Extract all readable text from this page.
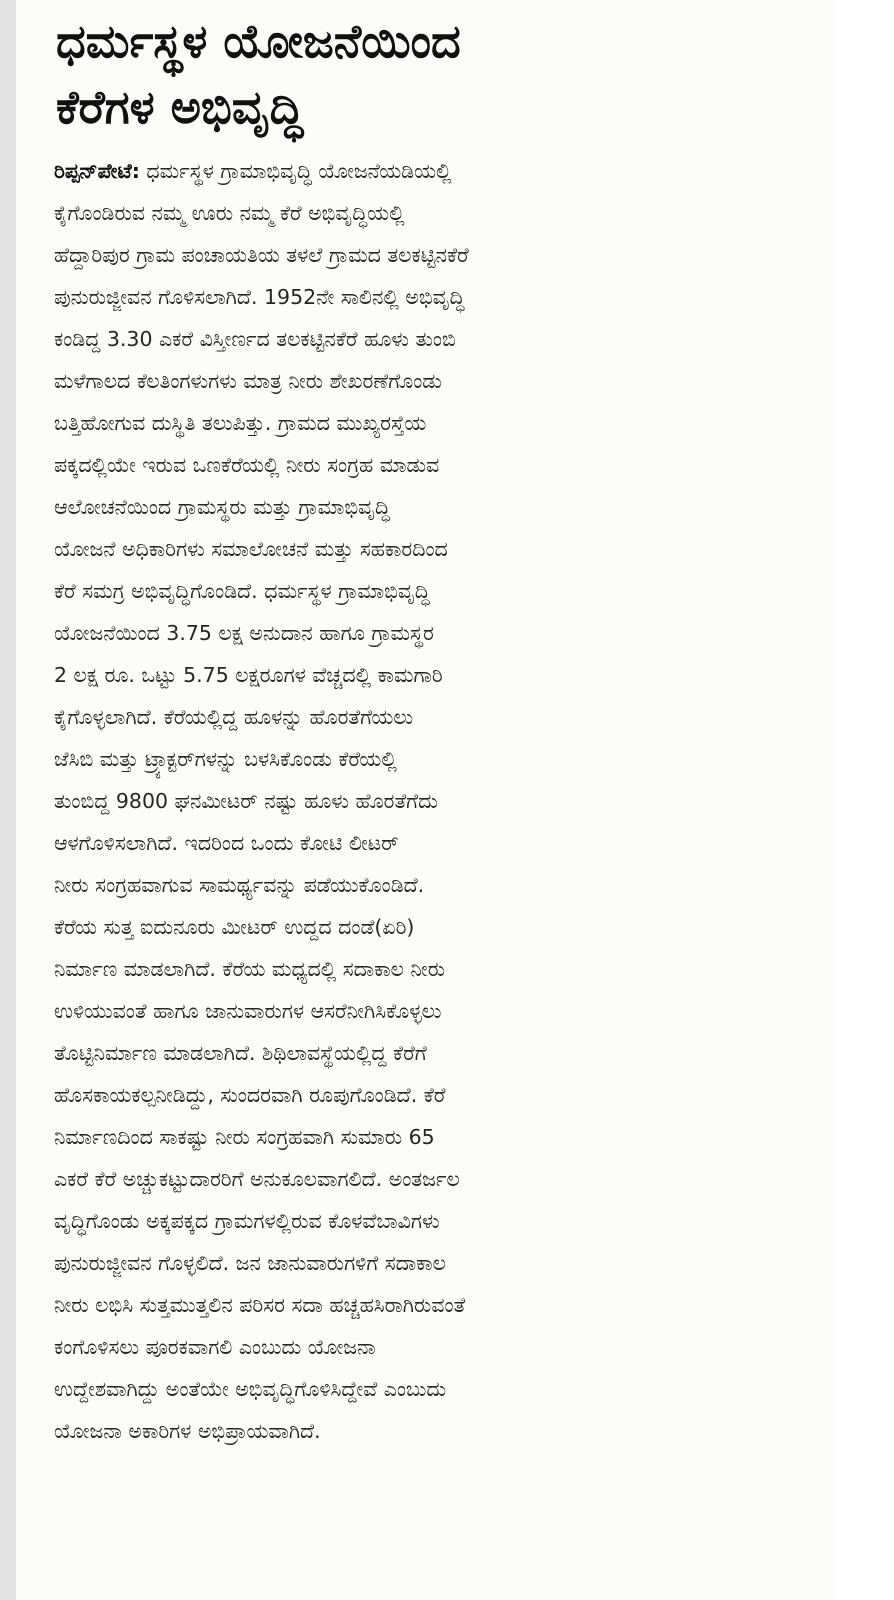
ಧರ್ಮಸ್ಥಳ ಯೋಜನೆಯಿಂದ
ಕೆರೆಗಳ ಅಭಿವೃದ್ಧಿ
ರಿಪ್ಪನ್‌ಪೇಟೆ: ಧರ್ಮಸ್ಥಳ ಗ್ರಾಮಾಭಿವೃದ್ಧಿ ಯೋಜನೆಯಡಿಯಲ್ಲಿ
ಕೈಗೊಂಡಿರುವ ನಮ್ಮ ಊರು ನಮ್ಮ ಕೆರೆ ಅಭಿವೃದ್ಧಿಯಲ್ಲಿ
ಹೆದ್ದಾರಿಪುರ ಗ್ರಾಮ ಪಂಚಾಯತಿಯ ತಳಲೆ ಗ್ರಾಮದ ತಲಕಟ್ಟಿನಕೆರೆ
ಪುನುರುಜ್ಜೀವನ ಗೊಳಿಸಲಾಗಿದೆ. 1952ನೇ ಸಾಲಿನಲ್ಲಿ ಅಭಿವೃದ್ಧಿ
ಕಂಡಿದ್ದ 3.30 ಎಕರೆ ವಿಸ್ತೀರ್ಣದ ತಲಕಟ್ಟಿನಕೆರೆ ಹೂಳು ತುಂಬಿ
ಮಳೆಗಾಲದ ಕೆಲತಿಂಗಳುಗಳು ಮಾತ್ರ ನೀರು ಶೇಖರಣೆಗೊಂಡು
ಬತ್ತಿಹೋಗುವ ದುಸ್ಥಿತಿ ತಲುಪಿತ್ತು. ಗ್ರಾಮದ ಮುಖ್ಯರಸ್ತೆಯ
ಪಕ್ಕದಲ್ಲಿಯೇ ಇರುವ ಒಣಕೆರೆಯಲ್ಲಿ ನೀರು ಸಂಗ್ರಹ ಮಾಡುವ
ಆಲೋಚನೆಯಿಂದ ಗ್ರಾಮಸ್ಥರು ಮತ್ತು ಗ್ರಾಮಾಭಿವೃದ್ಧಿ
ಯೋಜನೆ ಅಧಿಕಾರಿಗಳು ಸಮಾಲೋಚನೆ ಮತ್ತು ಸಹಕಾರದಿಂದ
ಕೆರೆ ಸಮಗ್ರ ಅಭಿವೃದ್ಧಿಗೊಂಡಿದೆ. ಧರ್ಮಸ್ಥಳ ಗ್ರಾಮಾಭಿವೃದ್ಧಿ
ಯೋಜನೆಯಿಂದ 3.75 ಲಕ್ಷ ಅನುದಾನ ಹಾಗೂ ಗ್ರಾಮಸ್ಥರ
2 ಲಕ್ಷ ರೂ. ಒಟ್ಟು 5.75 ಲಕ್ಷರೂಗಳ ವೆಚ್ಚದಲ್ಲಿ ಕಾಮಗಾರಿ
ಕೈಗೊಳ್ಳಲಾಗಿದೆ. ಕೆರೆಯಲ್ಲಿದ್ದ ಹೂಳನ್ನು ಹೊರತೆಗೆಯಲು
ಜೆಸಿಬಿ ಮತ್ತು ಟ್ರ್ಯಾಕ್ಟರ್‌ಗಳನ್ನು ಬಳಸಿಕೊಂಡು ಕೆರೆಯಲ್ಲಿ
ತುಂಬಿದ್ದ 9800 ಘನಮೀಟರ್ ನಷ್ಟು ಹೂಳು ಹೊರತೆಗೆದು
ಆಳಗೊಳಿಸಲಾಗಿದೆ. ಇದರಿಂದ ಒಂದು ಕೋಟಿ ಲೀಟರ್
ನೀರು ಸಂಗ್ರಹವಾಗುವ ಸಾಮರ್ಥ್ಯವನ್ನು ಪಡೆಯುಕೊಂಡಿದೆ.
ಕೆರೆಯ ಸುತ್ತ ಐದುನೂರು ಮೀಟರ್ ಉದ್ದದ ದಂಡೆ(ಏರಿ)
ನಿರ್ಮಾಣ ಮಾಡಲಾಗಿದೆ. ಕೆರೆಯ ಮಧ್ಯದಲ್ಲಿ ಸದಾಕಾಲ ನೀರು
ಉಳಿಯುವಂತೆ ಹಾಗೂ ಜಾನುವಾರುಗಳ ಆಸರೆನೀಗಿಸಿಕೊಳ್ಳಲು
ತೊಟ್ಟಿನಿರ್ಮಾಣ ಮಾಡಲಾಗಿದೆ. ಶಿಥಿಲಾವಸ್ಥೆಯಲ್ಲಿದ್ದ ಕೆರೆಗೆ
ಹೊಸಕಾಯಕಲ್ಪನೀಡಿದ್ದು, ಸುಂದರವಾಗಿ ರೂಪುಗೊಂಡಿದೆ. ಕೆರೆ
ನಿರ್ಮಾಣದಿಂದ ಸಾಕಷ್ಟು ನೀರು ಸಂಗ್ರಹವಾಗಿ ಸುಮಾರು 65
ಎಕರೆ ಕೆರೆ ಅಚ್ಚುಕಟ್ಟುದಾರರಿಗೆ ಅನುಕೂಲವಾಗಲಿದೆ. ಅಂತರ್ಜಲ
ವೃದ್ಧಿಗೊಂಡು ಅಕ್ಕಪಕ್ಕದ ಗ್ರಾಮಗಳಲ್ಲಿರುವ ಕೊಳವೆಬಾವಿಗಳು
ಪುನುರುಜ್ಜೀವನ ಗೊಳ್ಳಲಿದೆ. ಜನ ಜಾನುವಾರುಗಳಿಗೆ ಸದಾಕಾಲ
ನೀರು ಲಭಿಸಿ ಸುತ್ತಮುತ್ತಲಿನ ಪರಿಸರ ಸದಾ ಹಚ್ಚಹಸಿರಾಗಿರುವಂತೆ
ಕಂಗೊಳಿಸಲು ಪೂರಕವಾಗಲಿ ಎಂಬುದು ಯೋಜನಾ
ಉದ್ದೇಶವಾಗಿದ್ದು ಅಂತೆಯೇ ಅಭಿವೃದ್ಧಿಗೊಳಿಸಿದ್ದೇವೆ ಎಂಬುದು
ಯೋಜನಾ ಅಕಾರಿಗಳ ಅಭಿಪ್ರಾಯವಾಗಿದೆ.
